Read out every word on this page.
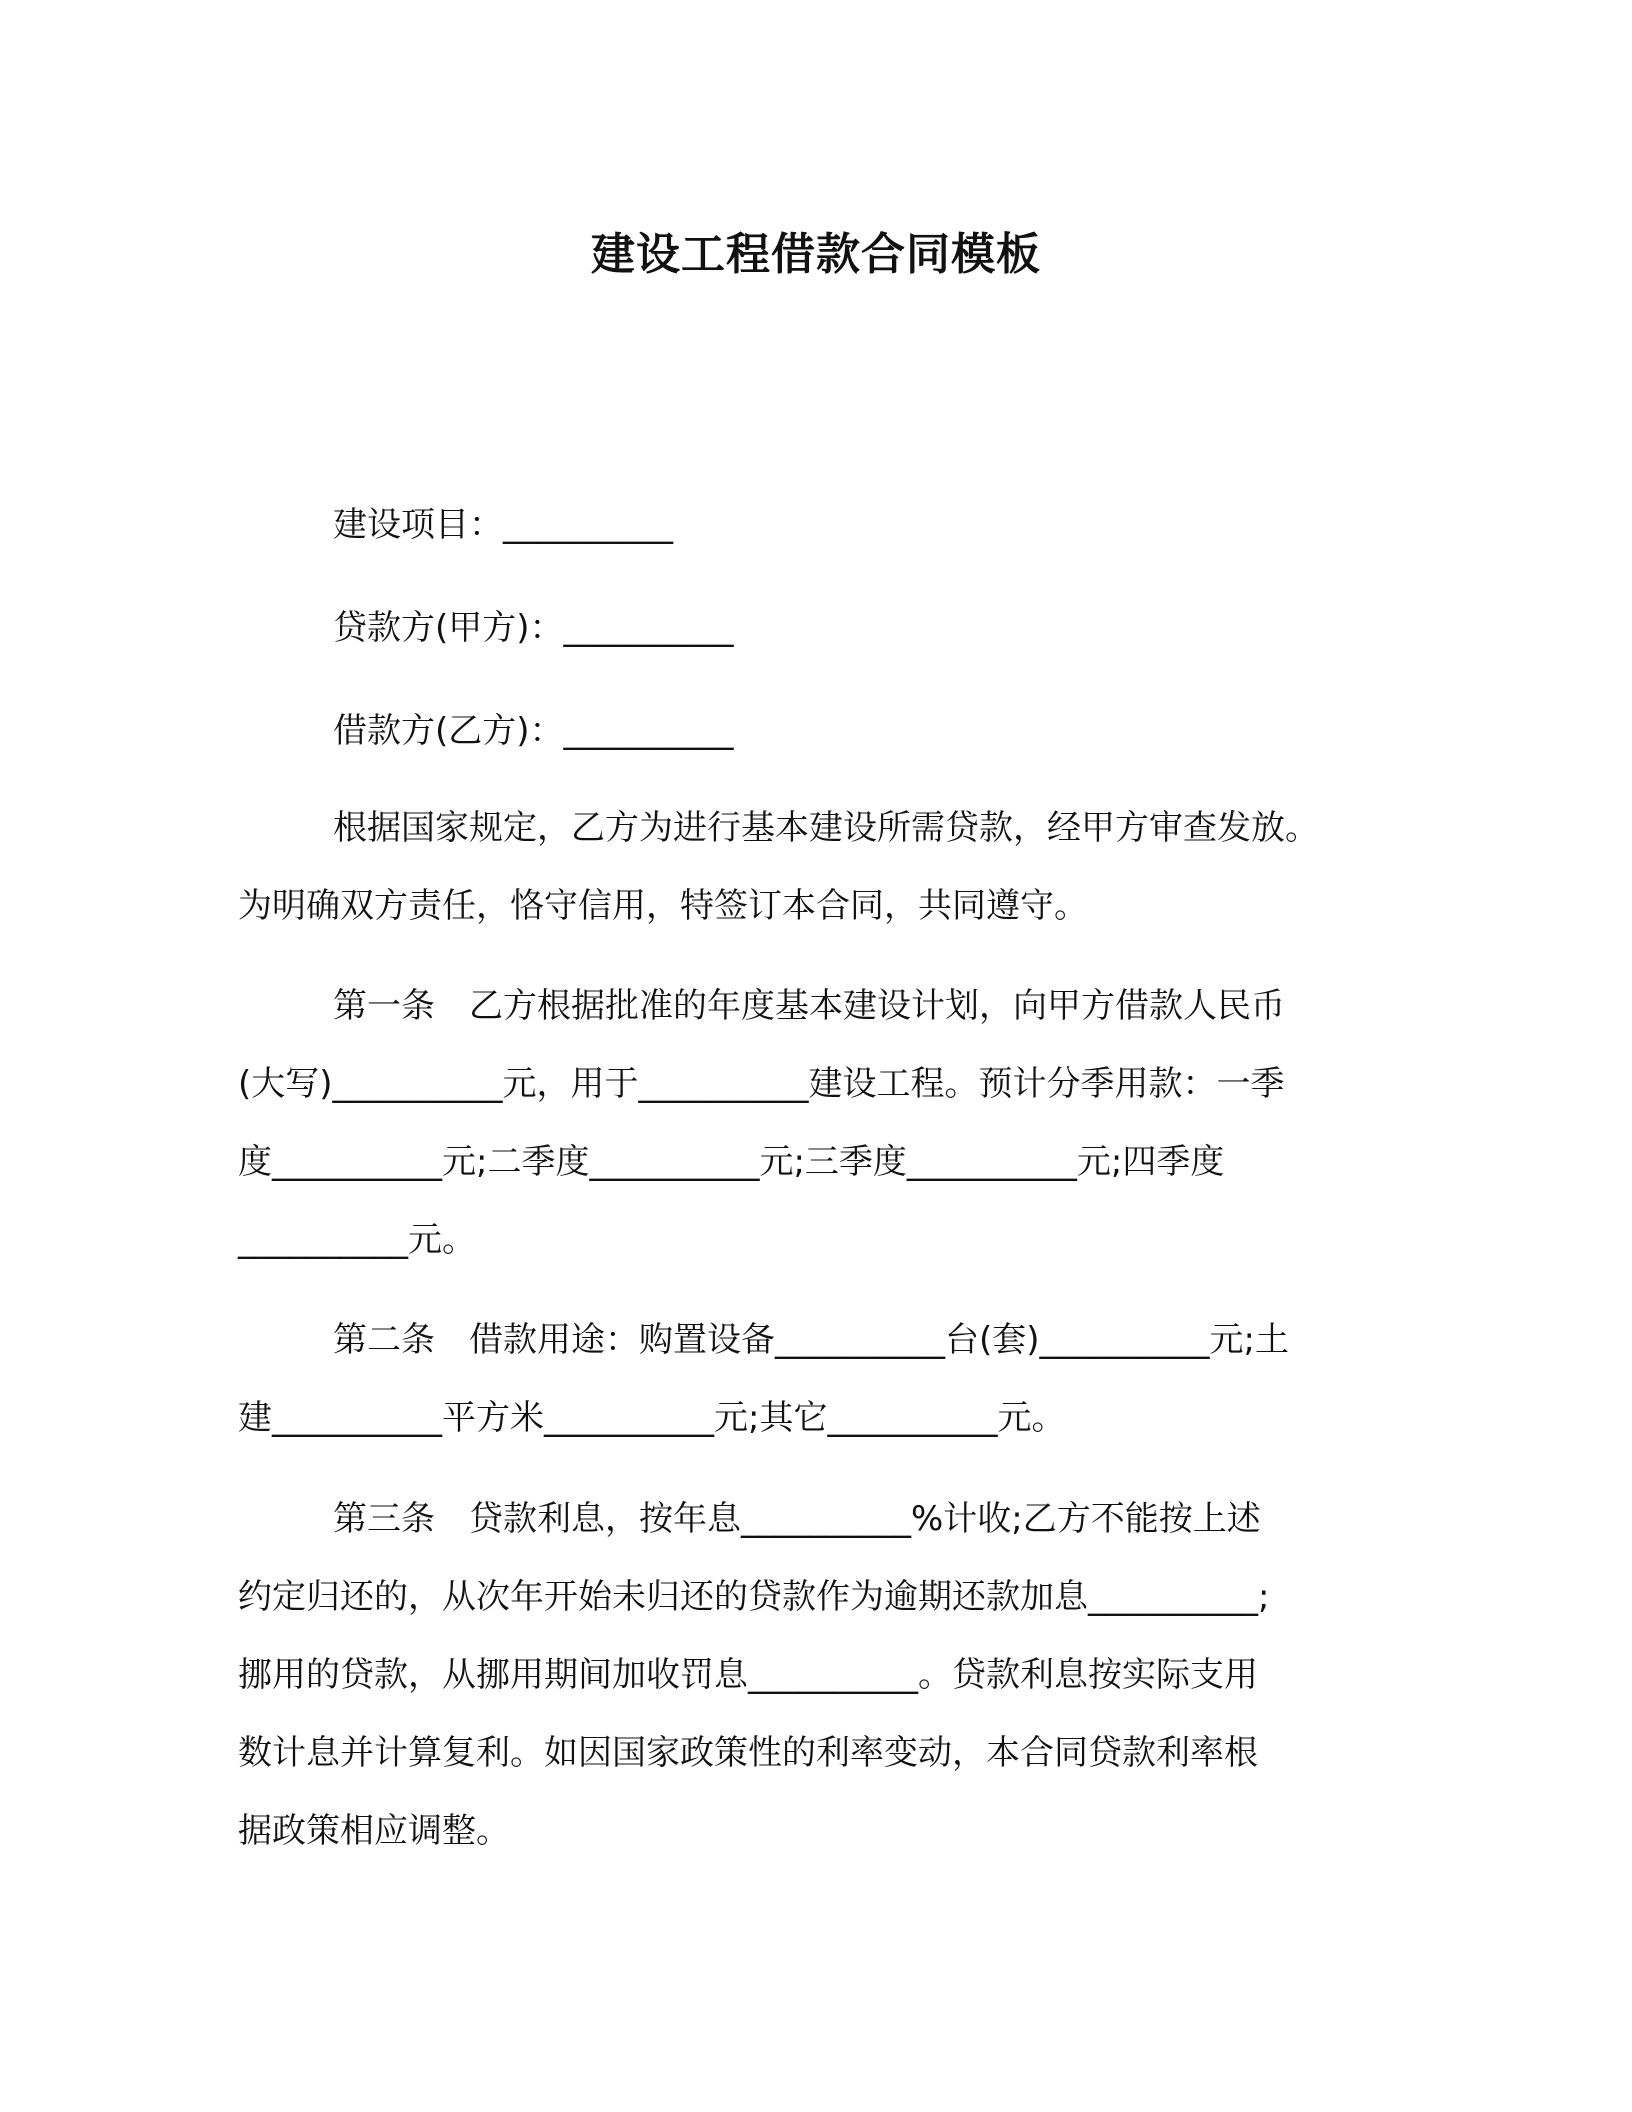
建设工程借款合同模板

建设项目：__________

贷款方(甲方)：__________

借款方(乙方)：__________

根据国家规定，乙方为进行基本建设所需贷款，经甲方审查发放。
为明确双方责任，恪守信用，特签订本合同，共同遵守。
第一条　乙方根据批准的年度基本建设计划，向甲方借款人民币
(大写)__________元，用于__________建设工程。预计分季用款：一季
度__________元;二季度__________元;三季度__________元;四季度
__________元。
第二条　借款用途：购置设备__________台(套)__________元;土
建__________平方米__________元;其它__________元。
第三条　贷款利息，按年息__________%计收;乙方不能按上述
约定归还的，从次年开始未归还的贷款作为逾期还款加息__________;
挪用的贷款，从挪用期间加收罚息__________。贷款利息按实际支用
数计息并计算复利。如因国家政策性的利率变动，本合同贷款利率根
据政策相应调整。
